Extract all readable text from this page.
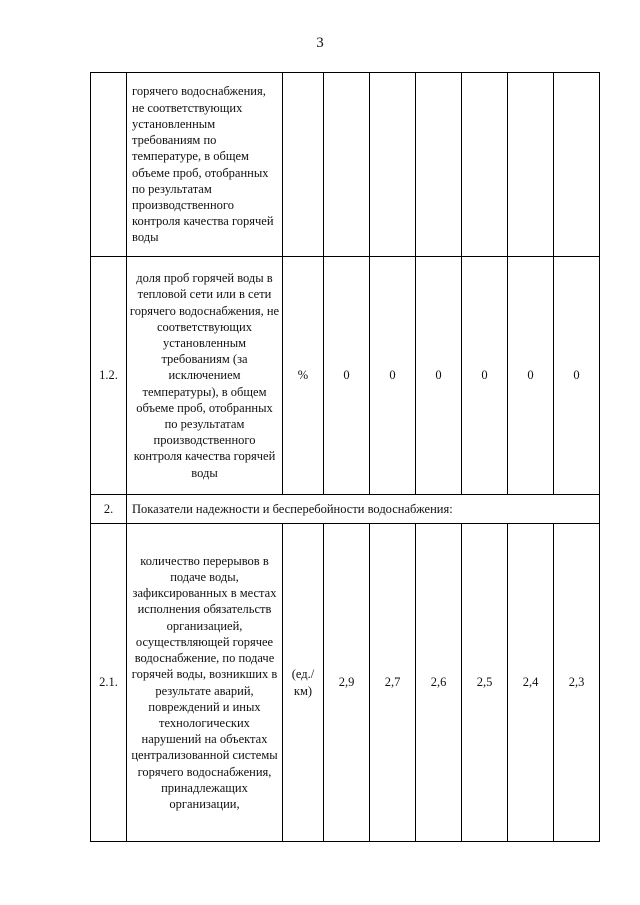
3

	горячего водоснабжения, не соответствующих установленным требованиям по температуре, в общем объеме проб, отобранных по результатам производственного контроля качества горячей воды							

1.2.	доля проб горячей воды в тепловой сети или в сети горячего водоснабжения, не соответствующих установленным требованиям (за исключением температуры), в общем объеме проб, отобранных по результатам производственного контроля качества горячей воды	%	0	0	0	0	0	0
2.	Показатели надежности и бесперебойности водоснабжения:							
2.1.	количество перерывов в подаче воды, зафиксированных в местах исполнения обязательств организацией, осуществляющей горячее водоснабжение, по подаче горячей воды, возникших в результате аварий, повреждений и иных технологических нарушений на объектах централизованной системы горячего водоснабжения, принадлежащих организации,	(ед./ км)	2,9	2,7	2,6	2,5	2,4	2,3
